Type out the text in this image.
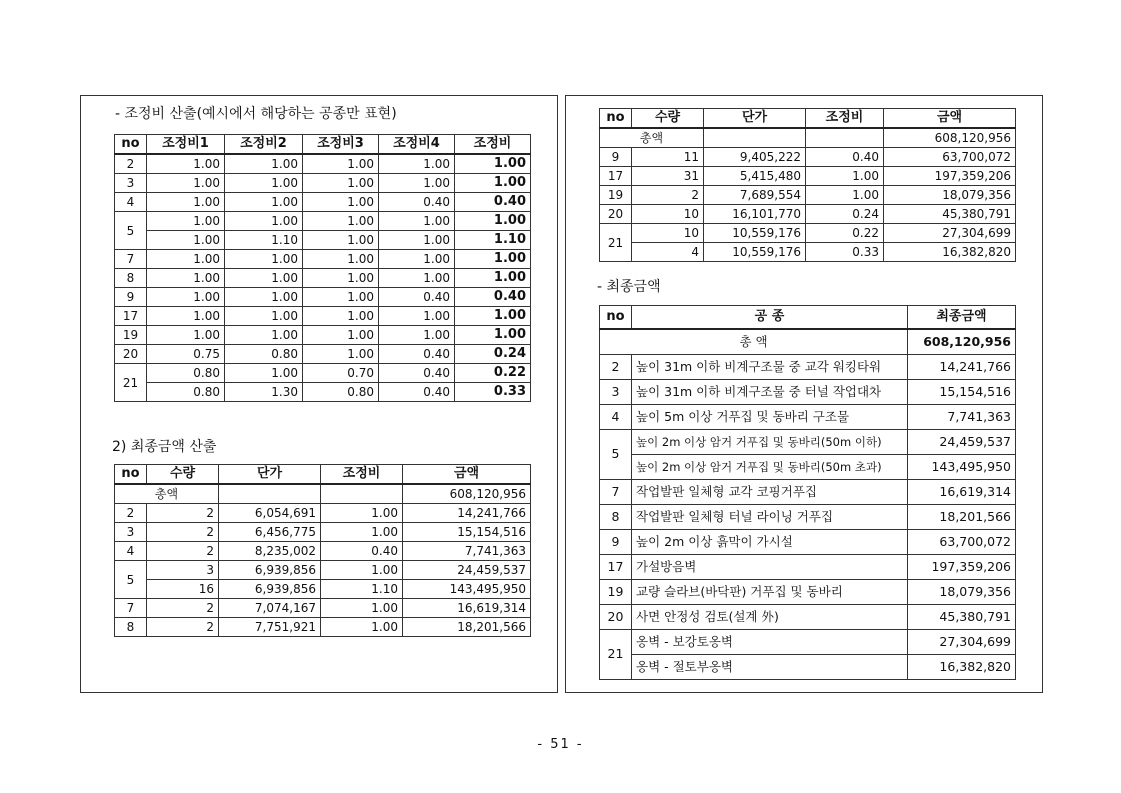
- 조정비 산출(예시에서 해당하는 공종만 표현)
no	조정비1	조정비2	조정비3	조정비4	조정비
2	1.00	1.00	1.00	1.00	1.00
3	1.00	1.00	1.00	1.00	1.00
4	1.00	1.00	1.00	0.40	0.40
5	1.00	1.00	1.00	1.00	1.00
	1.00	1.10	1.00	1.00	1.10
7	1.00	1.00	1.00	1.00	1.00
8	1.00	1.00	1.00	1.00	1.00
9	1.00	1.00	1.00	0.40	0.40
17	1.00	1.00	1.00	1.00	1.00
19	1.00	1.00	1.00	1.00	1.00
20	0.75	0.80	1.00	0.40	0.24
21	0.80	1.00	0.70	0.40	0.22
	0.80	1.30	0.80	0.40	0.33
2) 최종금액 산출
no	수량	단가	조정비	금액
총액				608,120,956
2	2	6,054,691	1.00	14,241,766
3	2	6,456,775	1.00	15,154,516
4	2	8,235,002	0.40	7,741,363
5	3	6,939,856	1.00	24,459,537
	16	6,939,856	1.10	143,495,950
7	2	7,074,167	1.00	16,619,314
8	2	7,751,921	1.00	18,201,566
no	수량	단가	조정비	금액
총액				608,120,956
9	11	9,405,222	0.40	63,700,072
17	31	5,415,480	1.00	197,359,206
19	2	7,689,554	1.00	18,079,356
20	10	16,101,770	0.24	45,380,791
21	10	10,559,176	0.22	27,304,699
	4	10,559,176	0.33	16,382,820
- 최종금액
no	공 종	최종금액
총 액		608,120,956
2	높이 31m 이하 비계구조물 중 교각 워킹타워	14,241,766
3	높이 31m 이하 비계구조물 중 터널 작업대차	15,154,516
4	높이 5m 이상 거푸집 및 동바리 구조물	7,741,363
5	높이 2m 이상 암거 거푸집 및 동바리(50m 이하)	24,459,537
	높이 2m 이상 암거 거푸집 및 동바리(50m 초과)	143,495,950
7	작업발판 일체형 교각 코핑거푸집	16,619,314
8	작업발판 일체형 터널 라이닝 거푸집	18,201,566
9	높이 2m 이상 흙막이 가시설	63,700,072
17	가설방음벽	197,359,206
19	교량 슬라브(바닥판) 거푸집 및 동바리	18,079,356
20	사면 안정성 검토(설계 外)	45,380,791
21	옹벽 - 보강토옹벽	27,304,699
	옹벽 - 절토부옹벽	16,382,820
- 51 -
